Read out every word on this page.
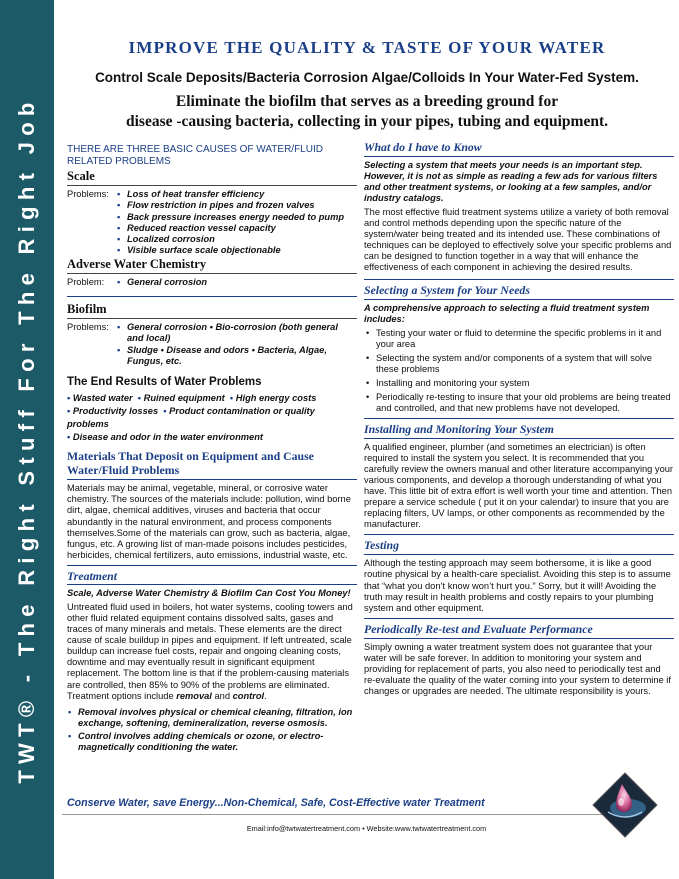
TWT® - The Right Stuff For The Right Job
IMPROVE THE QUALITY & TASTE OF YOUR WATER
Control Scale Deposits/Bacteria Corrosion Algae/Colloids In Your Water-Fed System.
Eliminate the biofilm that serves as a breeding ground for
disease -causing bacteria, collecting in your pipes, tubing and equipment.
THERE ARE THREE BASIC CAUSES OF WATER/FLUID RELATED PROBLEMS
Scale
Problems:	• Loss of heat transfer efficiency
• Flow restriction in pipes and frozen valves
• Back pressure increases energy needed to pump
• Reduced reaction vessel capacity
• Localized corrosion
• Visible surface scale objectionable
Adverse Water Chemistry
Problem:	• General corrosion
Biofilm
Problems:	• General corrosion • Bio-corrosion (both general and local)
• Sludge • Disease and odors • Bacteria, Algae, Fungus, etc.
The End Results of Water Problems
• Wasted water • Ruined equipment • High energy costs
• Productivity losses • Product contamination or quality problems
• Disease and odor in the water environment
Materials That Deposit on Equipment and Cause Water/Fluid Problems
Materials may be animal, vegetable, mineral, or corrosive water chemistry. The sources of the materials include: pollution, wind borne dirt, algae, chemical additives, viruses and bacteria that occur abundantly in the natural environment, and process components themselves.Some of the materials can grow, such as bacteria, algae, fungus, etc. A growing list of man-made poisons includes pesticides, herbicides, chemical fertilizers, auto emissions, industrial waste, etc.
Treatment
Scale, Adverse Water Chemistry & Biofilm Can Cost You Money!
Untreated fluid used in boilers, hot water systems, cooling towers and other fluid related equipment contains dissolved salts, gases and traces of many minerals and metals. These elements are the direct cause of scale buildup in pipes and equipment. If left untreated, scale buildup can increase fuel costs, repair and ongoing cleaning costs, downtime and may eventually result in significant equipment replacement. The bottom line is that if the problem-causing materials are controlled, then 85% to 90% of the problems are eliminated. Treatment options include removal and control.
• Removal involves physical or chemical cleaning, filtration, ion exchange, softening, demineralization, reverse osmosis.
• Control involves adding chemicals or ozone, or electro-magnetically conditioning the water.
What do I have to Know
Selecting a system that meets your needs is an important step. However, it is not as simple as reading a few ads for various filters and other treatment systems, or looking at a few samples, and/or industry catalogs.
The most effective fluid treatment systems utilize a variety of both removal and control methods depending upon the specific nature of the system/water being treated and its intended use. These combinations of techniques can be deployed to effectively solve your specific problems and can be designed to function together in a way that will enhance the effectiveness of each component in achieving the desired results.
Selecting a System for Your Needs
A comprehensive approach to selecting a fluid treatment system includes:
• Testing your water or fluid to determine the specific problems in it and your area
• Selecting the system and/or components of a system that will solve these problems
• Installing and monitoring your system
• Periodically re-testing to insure that your old problems are being treated and controlled, and that new problems have not developed.
Installing and Monitoring Your System
A qualified engineer, plumber (and sometimes an electrician) is often required to install the system you select. It is recommended that you carefully review the owners manual and other literature accompanying your various components, and develop a thorough understanding of what you have. This little bit of extra effort is well worth your time and attention. Then prepare a service schedule ( put it on your calendar) to insure that you are replacing filters, UV lamps, or other components as recommended by the manufacturer.
Testing
Although the testing approach may seem bothersome, it is like a good routine physical by a health-care specialist. Avoiding this step is to assume that “what you don’t know won’t hurt you.” Sorry, but it will! Avoiding the truth may result in health problems and costly repairs to your plumbing system and other equipment.
Periodically Re-test and Evaluate Performance
Simply owning a water treatment system does not guarantee that your water will be safe forever. In addition to monitoring your system and providing for replacement of parts, you also need to periodically test and re-evaluate the quality of the water coming into your system to determine if changes or upgrades are needed. The ultimate responsibility is yours.
Conserve Water, save Energy...Non-Chemical, Safe, Cost-Effective water Treatment
Email:info@twtwatertreatment.com • Website:www.twtwatertreatment.com
